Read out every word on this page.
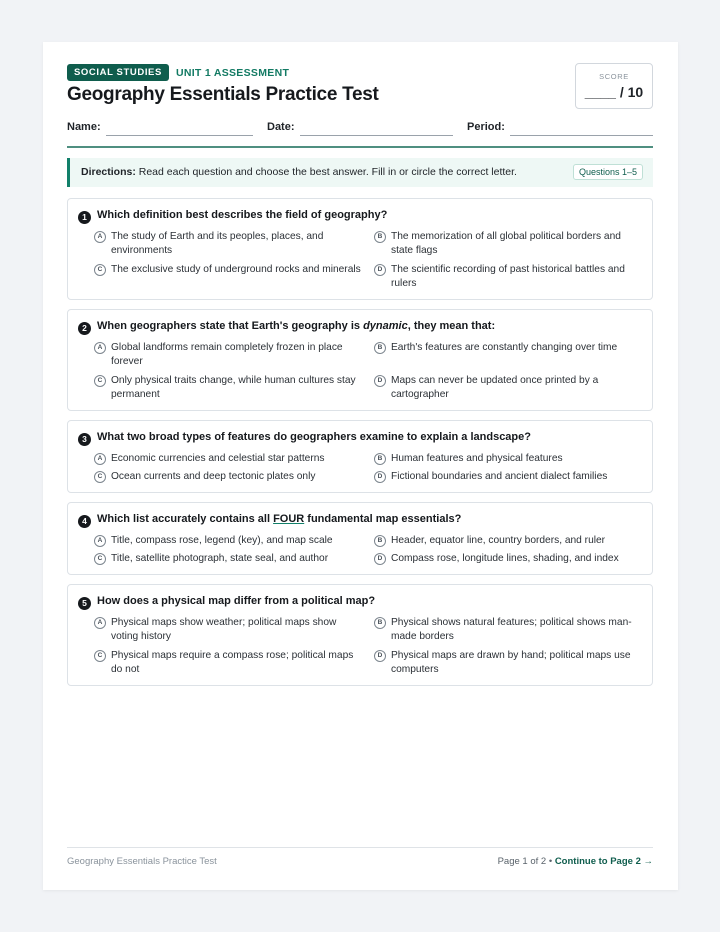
SOCIAL STUDIES	UNIT 1 ASSESSMENT
Geography Essentials Practice Test
SCORE
____ / 10
Name:	Date:	Period:
Directions: Read each question and choose the best answer. Fill in or circle the correct letter.	Questions 1–5
1 Which definition best describes the field of geography?
A The study of Earth and its peoples, places, and environments
B The memorization of all global political borders and state flags
C The exclusive study of underground rocks and minerals	D The scientific recording of past historical battles and rulers
2 When geographers state that Earth's geography is dynamic, they mean that:
A Global landforms remain completely frozen in place forever
B Earth's features are constantly changing over time
C Only physical traits change, while human cultures stay permanent
D Maps can never be updated once printed by a cartographer
3 What two broad types of features do geographers examine to explain a landscape?
A Economic currencies and celestial star patterns	B Human features and physical features
C Ocean currents and deep tectonic plates only	D Fictional boundaries and ancient dialect families
4 Which list accurately contains all FOUR fundamental map essentials?
A Title, compass rose, legend (key), and map scale	B Header, equator line, country borders, and ruler
C Title, satellite photograph, state seal, and author	D Compass rose, longitude lines, shading, and index
5 How does a physical map differ from a political map?
A Physical maps show weather; political maps show voting history
B Physical shows natural features; political shows man-made borders
C Physical maps require a compass rose; political maps do not
D Physical maps are drawn by hand; political maps use computers
Geography Essentials Practice Test	Page 1 of 2 • Continue to Page 2 →
